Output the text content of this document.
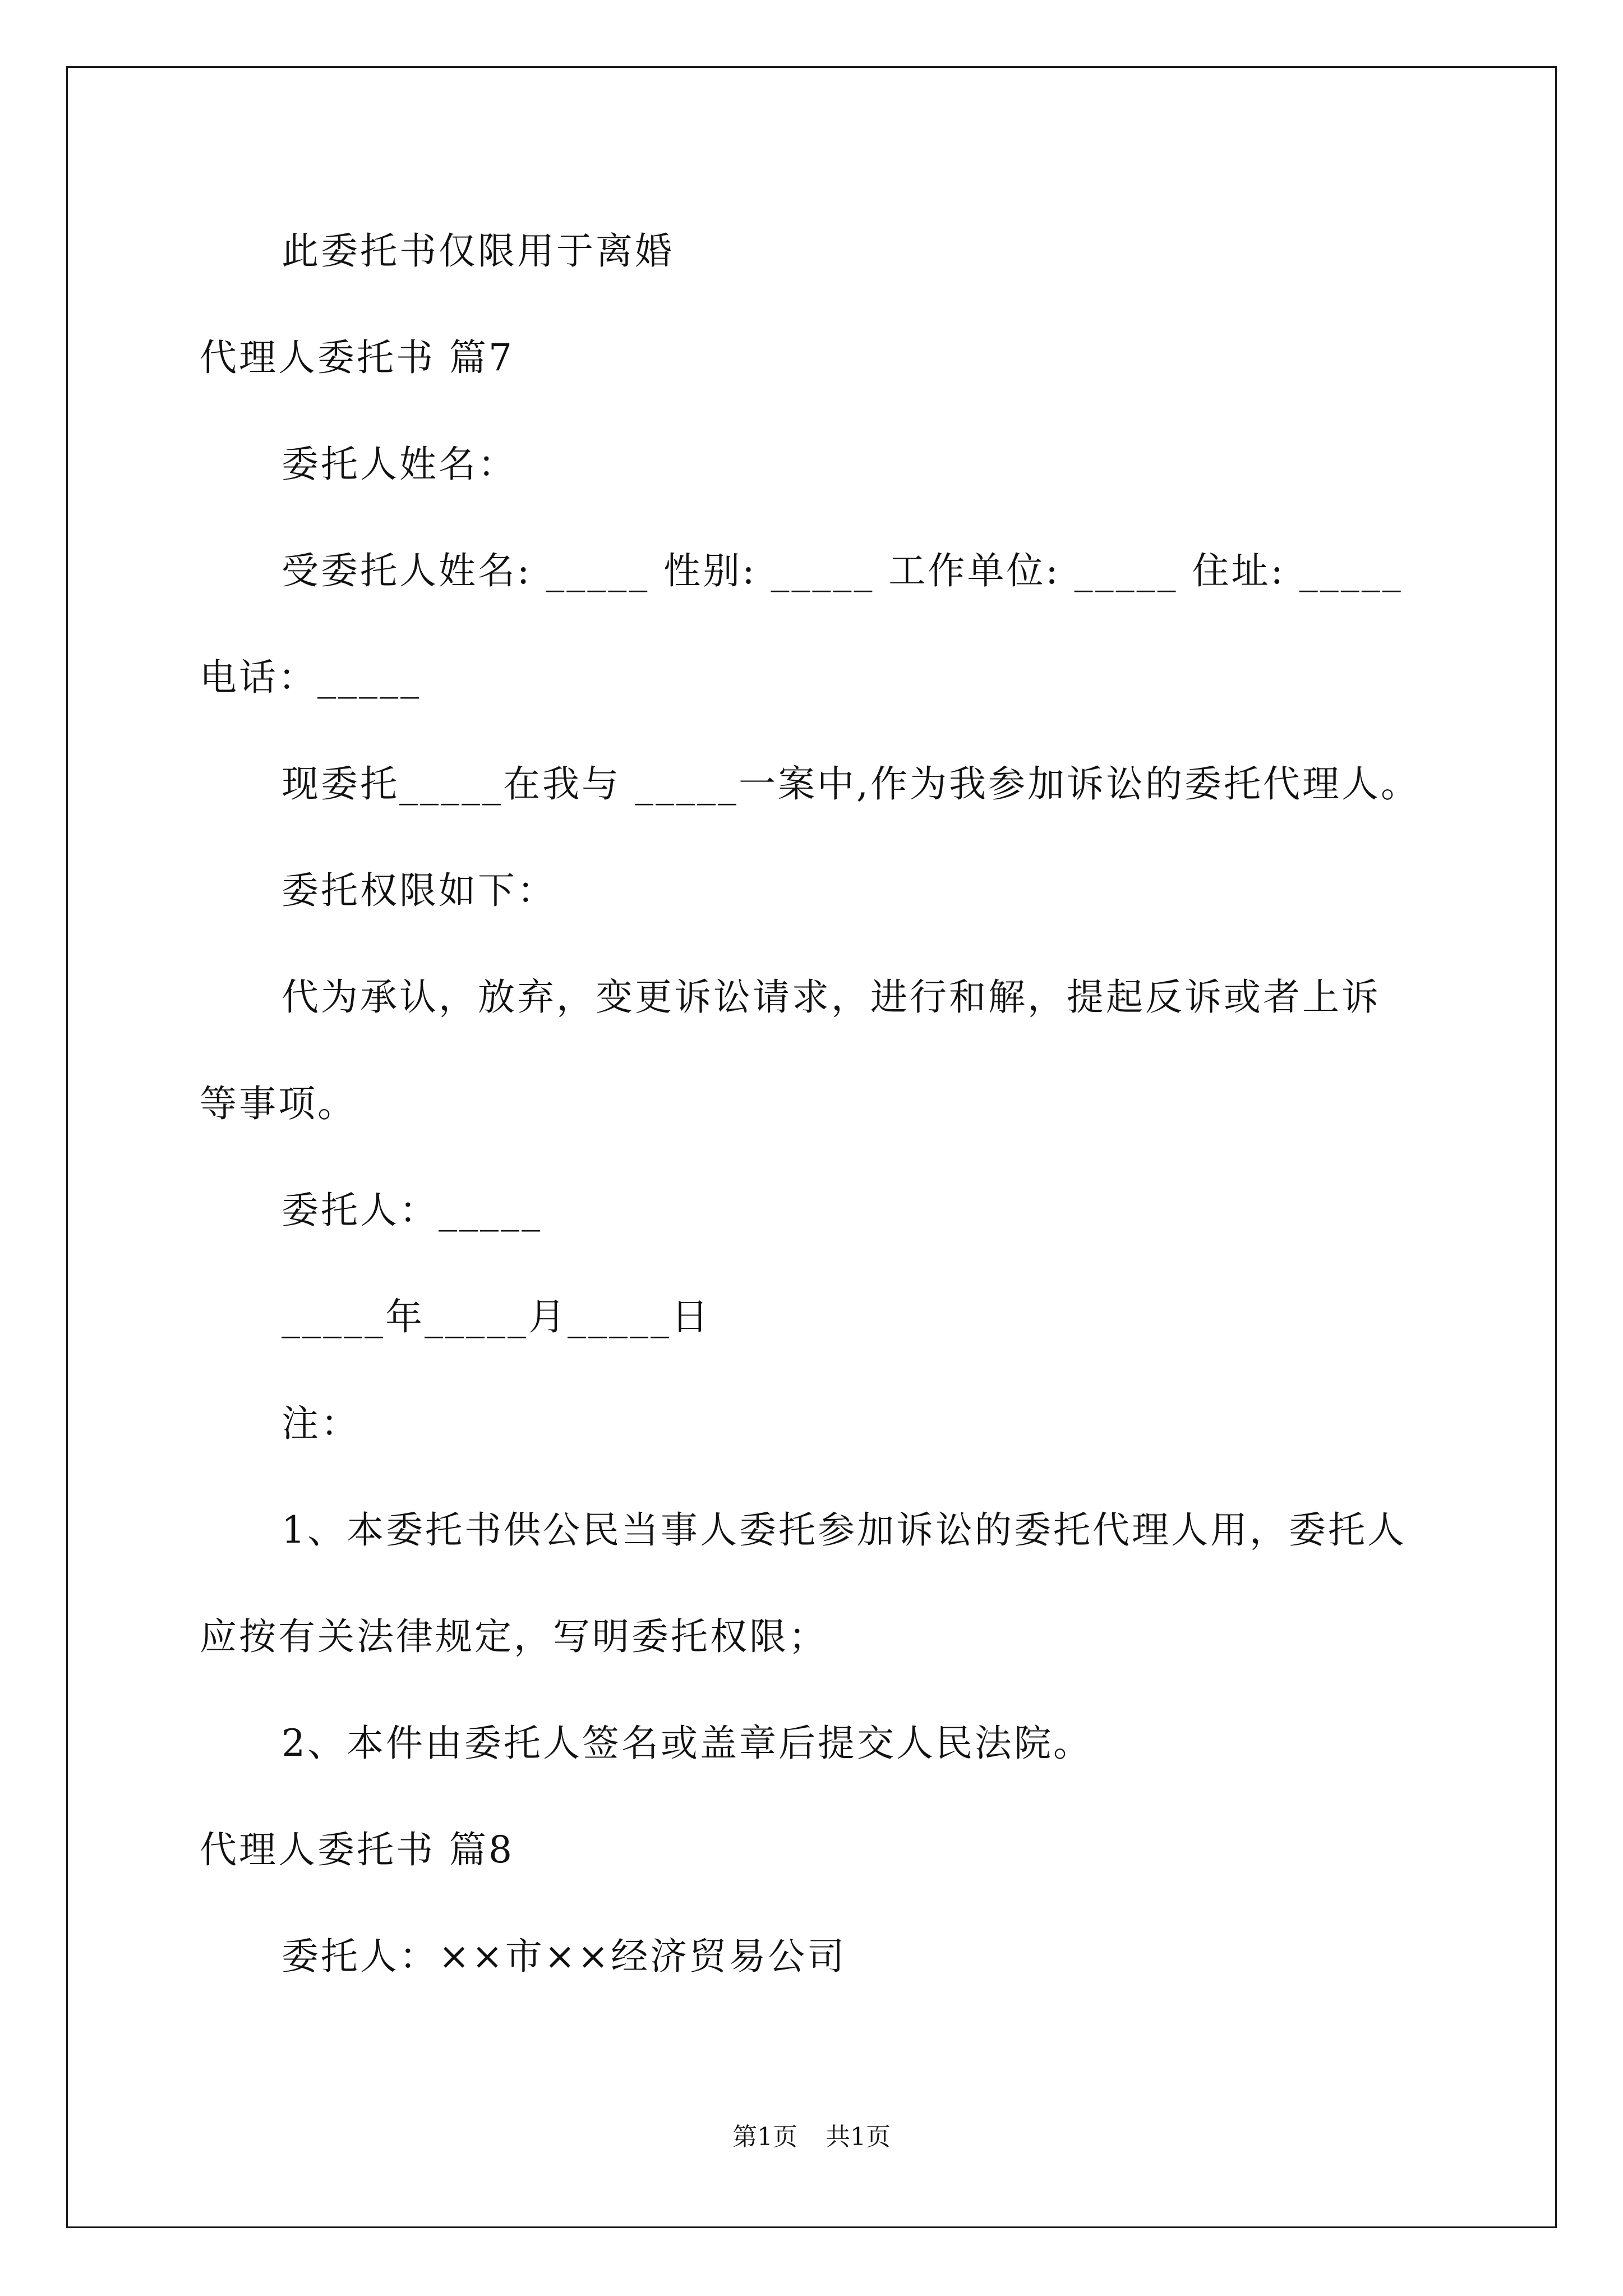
此委托书仅限用于离婚
代理人委托书 篇7
委托人姓名：
受委托人姓名: _____ 性别: _____ 工作单位: _____ 住址: _____
电话：_____
现委托_____在我与 _____一案中,作为我参加诉讼的委托代理人。
委托权限如下：
代为承认，放弃，变更诉讼请求，进行和解，提起反诉或者上诉
等事项。
委托人：_____
_____年_____月_____日
注：
1、本委托书供公民当事人委托参加诉讼的委托代理人用，委托人
应按有关法律规定，写明委托权限；
2、本件由委托人签名或盖章后提交人民法院。
代理人委托书 篇8
委托人：××市××经济贸易公司
第1页 共1页
